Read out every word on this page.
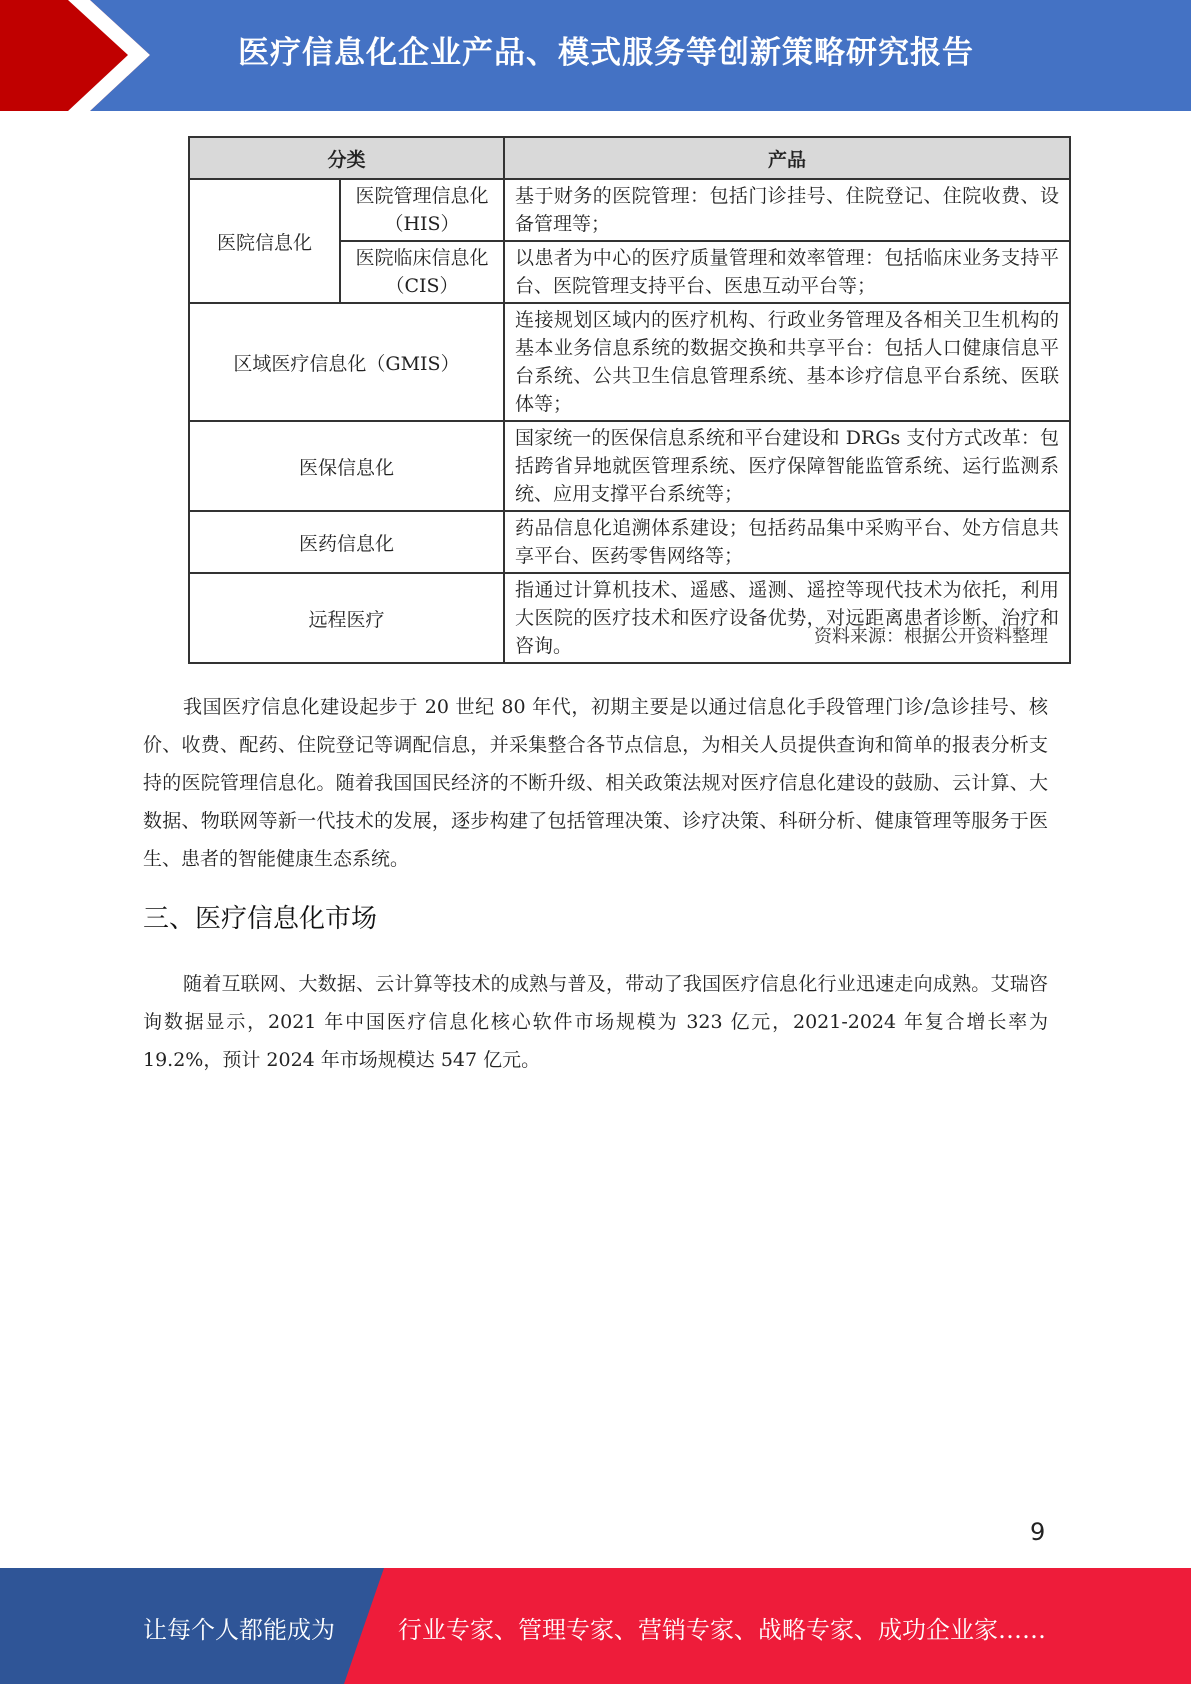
医疗信息化企业产品、模式服务等创新策略研究报告
分类		产品
医院信息化	医院管理信息化（HIS）	基于财务的医院管理：包括门诊挂号、住院登记、住院收费、设备管理等；
	医院临床信息化（CIS）	以患者为中心的医疗质量管理和效率管理：包括临床业务支持平台、医院管理支持平台、医患互动平台等；
区域医疗信息化（GMIS）		连接规划区域内的医疗机构、行政业务管理及各相关卫生机构的基本业务信息系统的数据交换和共享平台：包括人口健康信息平台系统、公共卫生信息管理系统、基本诊疗信息平台系统、医联体等；
医保信息化		国家统一的医保信息系统和平台建设和 DRGs 支付方式改革：包括跨省异地就医管理系统、医疗保障智能监管系统、运行监测系统、应用支撑平台系统等；
医药信息化		药品信息化追溯体系建设；包括药品集中采购平台、处方信息共享平台、医药零售网络等；
远程医疗		指通过计算机技术、遥感、遥测、遥控等现代技术为依托，利用大医院的医疗技术和医疗设备优势，对远距离患者诊断、治疗和咨询。	资料来源：根据公开资料整理

我国医疗信息化建设起步于 20 世纪 80 年代，初期主要是以通过信息化手段管理门诊/急诊挂号、核价、收费、配药、住院登记等调配信息，并采集整合各节点信息，为相关人员提供查询和简单的报表分析支持的医院管理信息化。随着我国国民经济的不断升级、相关政策法规对医疗信息化建设的鼓励、云计算、大数据、物联网等新一代技术的发展，逐步构建了包括管理决策、诊疗决策、科研分析、健康管理等服务于医生、患者的智能健康生态系统。

三、医疗信息化市场

随着互联网、大数据、云计算等技术的成熟与普及，带动了我国医疗信息化行业迅速走向成熟。艾瑞咨询数据显示，2021 年中国医疗信息化核心软件市场规模为 323 亿元，2021-2024 年复合增长率为 19.2%，预计 2024 年市场规模达 547 亿元。

9
让每个人都能成为	行业专家、管理专家、营销专家、战略专家、成功企业家……
